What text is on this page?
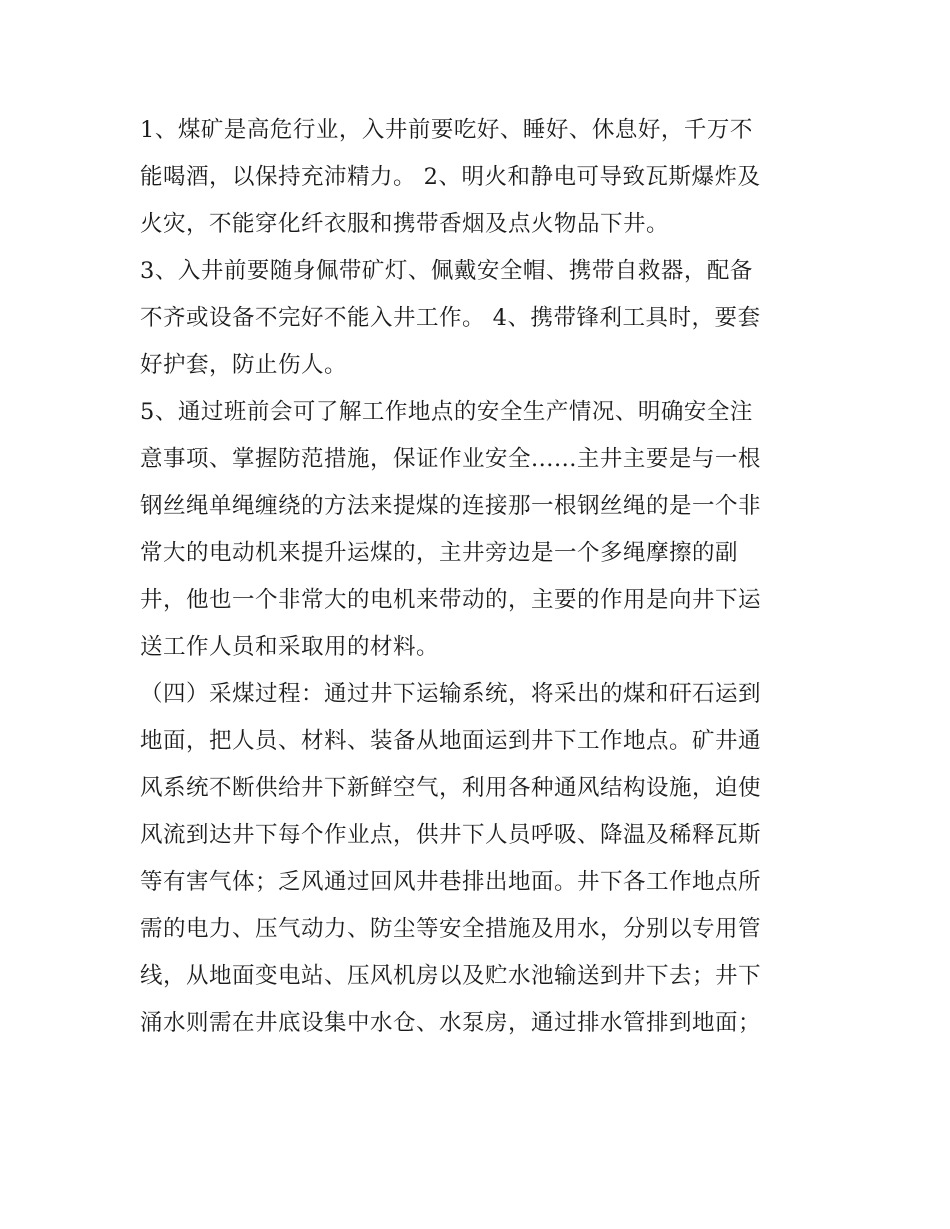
1、煤矿是高危行业，入井前要吃好、睡好、休息好，千万不
能喝酒，以保持充沛精力。 2、明火和静电可导致瓦斯爆炸及
火灾，不能穿化纤衣服和携带香烟及点火物品下井。
3、入井前要随身佩带矿灯、佩戴安全帽、携带自救器，配备
不齐或设备不完好不能入井工作。 4、携带锋利工具时，要套
好护套，防止伤人。
5、通过班前会可了解工作地点的安全生产情况、明确安全注
意事项、掌握防范措施，保证作业安全......主井主要是与一根
钢丝绳单绳缠绕的方法来提煤的连接那一根钢丝绳的是一个非
常大的电动机来提升运煤的，主井旁边是一个多绳摩擦的副
井，他也一个非常大的电机来带动的，主要的作用是向井下运
送工作人员和采取用的材料。
（四）采煤过程：通过井下运输系统，将采出的煤和矸石运到
地面，把人员、材料、装备从地面运到井下工作地点。矿井通
风系统不断供给井下新鲜空气，利用各种通风结构设施，迫使
风流到达井下每个作业点，供井下人员呼吸、降温及稀释瓦斯
等有害气体；乏风通过回风井巷排出地面。井下各工作地点所
需的电力、压气动力、防尘等安全措施及用水，分别以专用管
线，从地面变电站、压风机房以及贮水池输送到井下去；井下
涌水则需在井底设集中水仓、水泵房，通过排水管排到地面；
